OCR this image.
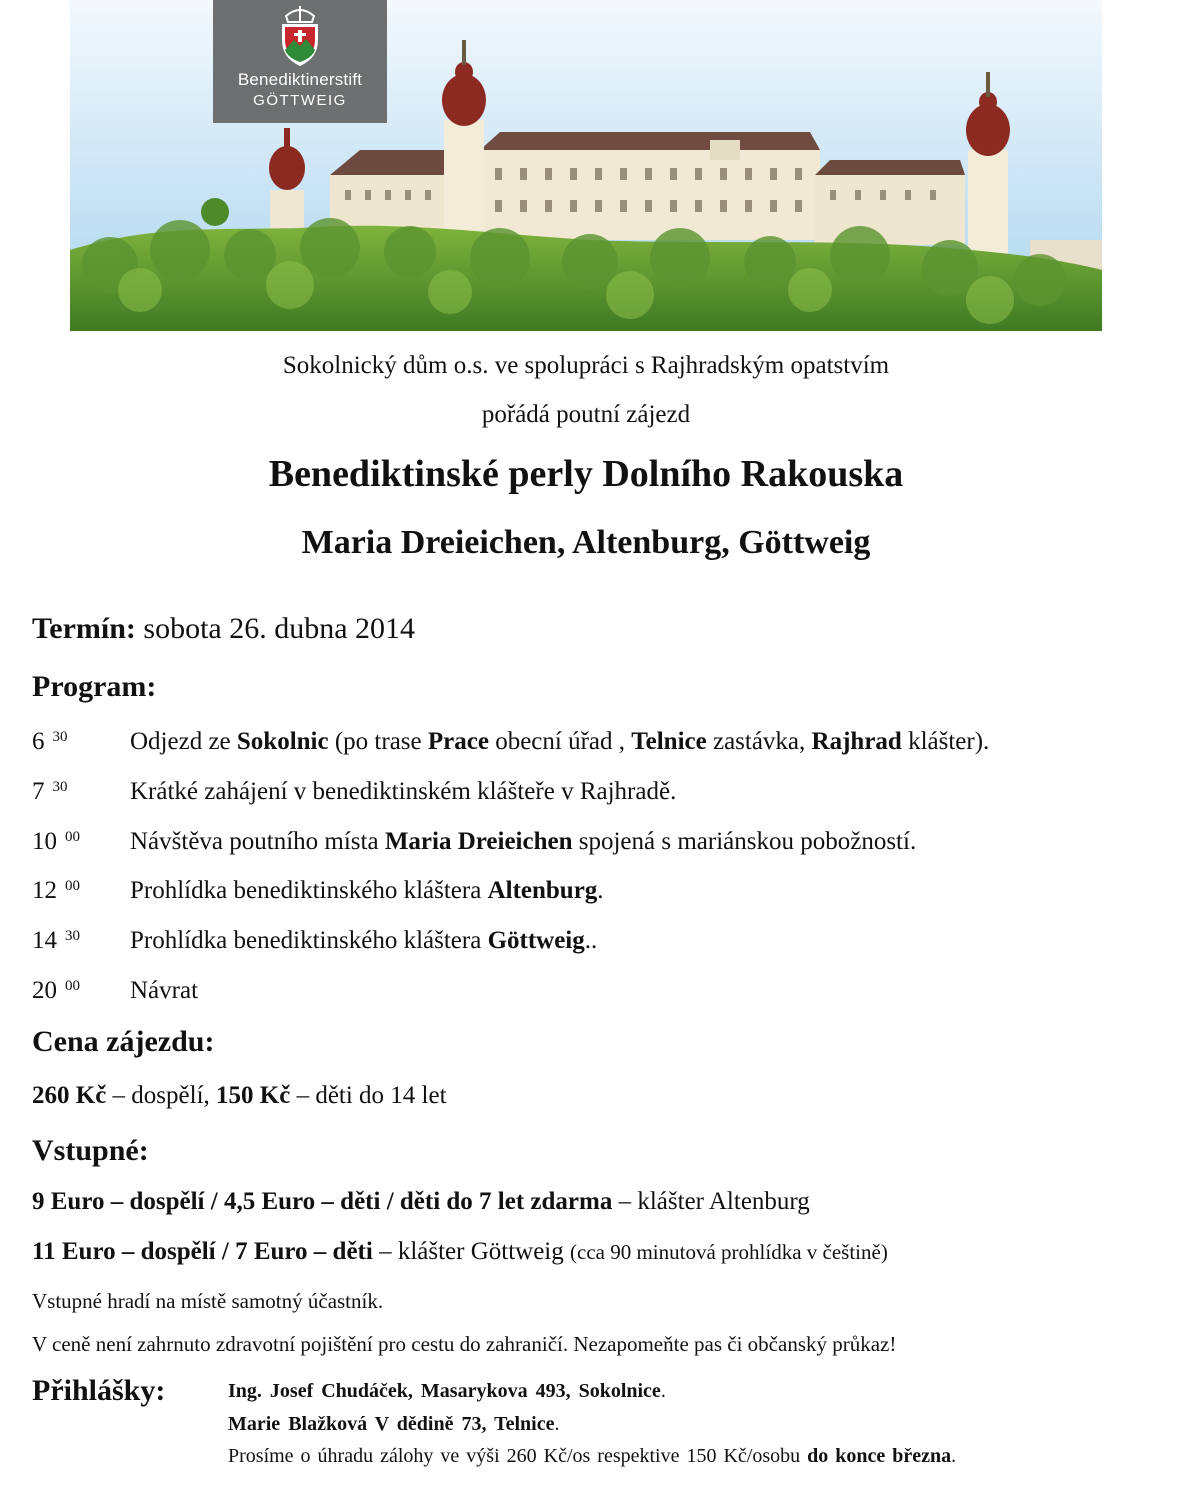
Benediktinerstift
GÖTTWEIG
Sokolnický dům o.s. ve spolupráci s Rajhradským opatstvím
pořádá poutní zájezd
Benediktinské perly Dolního Rakouska
Maria Dreieichen, Altenburg, Göttweig
Termín: sobota 26. dubna 2014
Program:
6 $^{30}$	Odjezd ze Sokolnic (po trase Prace obecní úřad , Telnice zastávka, Rajhrad klášter).
7 $^{30}$	Krátké zahájení v benediktinském klášteře v Rajhradě.
10 $^{00}$ Návštěva poutního místa Maria Dreieichen spojená s mariánskou pobožností.
12 $^{00}$ Prohlídka benediktinského kláštera Altenburg.
14 $^{30}$ Prohlídka benediktinského kláštera Göttweig..
20 $^{00}$ Návrat
Cena zájezdu:
260 Kč – dospělí, 150 Kč – děti do 14 let
Vstupné:
9 Euro – dospělí / 4,5 Euro – děti / děti do 7 let zdarma – klášter Altenburg
11 Euro – dospělí / 7 Euro – děti – klášter Göttweig (cca 90 minutová prohlídka v češtině)
Vstupné hradí na místě samotný účastník.
V ceně není zahrnuto zdravotní pojištění pro cestu do zahraničí. Nezapomeňte pas či občanský průkaz!
Přihlášky:	Ing. Josef Chudáček, Masarykova 493, Sokolnice.
Marie Blažková V dědině 73, Telnice.
Prosíme o úhradu zálohy ve výši 260 Kč/os respektive 150 Kč/osobu do konce března.
